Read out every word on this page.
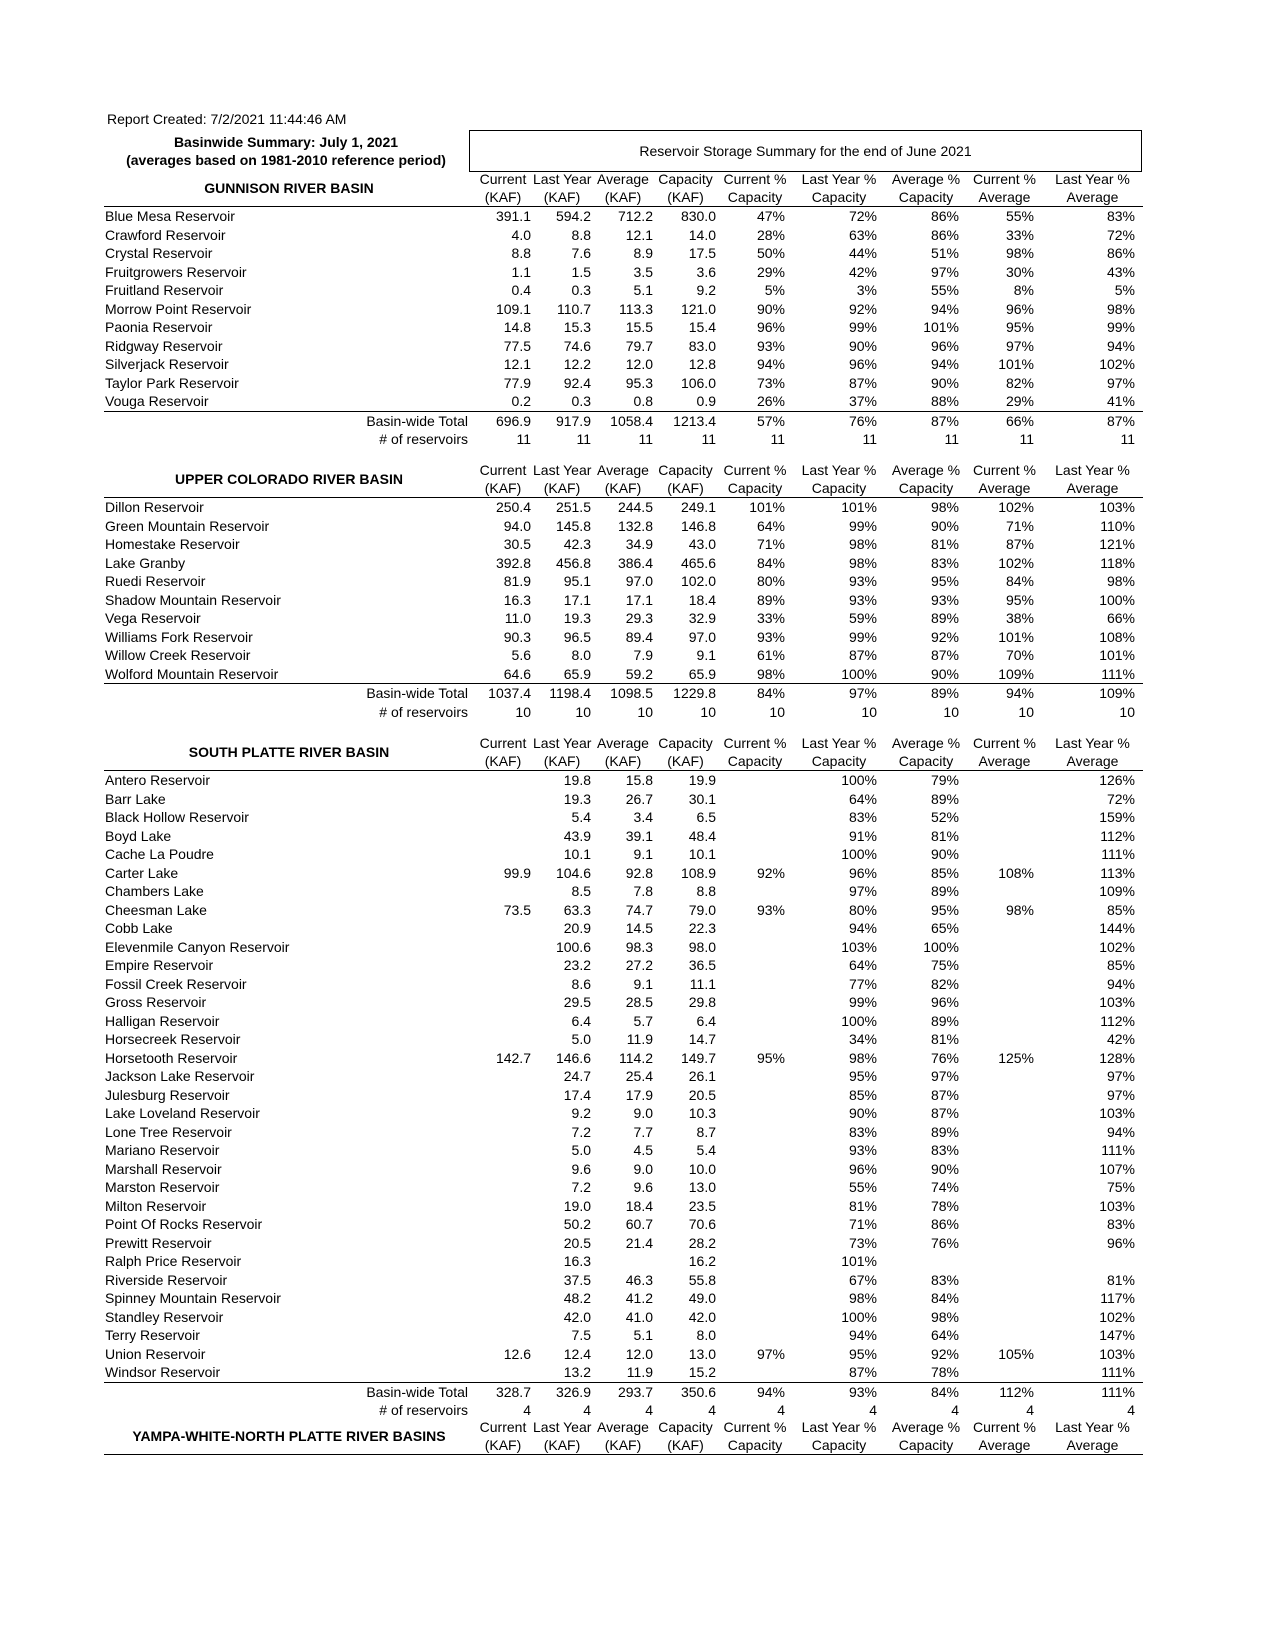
Report Created: 7/2/2021 11:44:46 AM
Basinwide Summary: July 1, 2021
(averages based on 1981-2010 reference period)
Reservoir Storage Summary for the end of June 2021
GUNNISON RIVER BASIN	Current	Last Year	Average	Capacity	Current %	Last Year %	Average %	Current %	Last Year %
	(KAF)	(KAF)	(KAF)	(KAF)	Capacity	Capacity	Capacity	Average	Average
Blue Mesa Reservoir	391.1	594.2	712.2	830.0	47%	72%	86%	55%	83%
Crawford Reservoir	4.0	8.8	12.1	14.0	28%	63%	86%	33%	72%
Crystal Reservoir	8.8	7.6	8.9	17.5	50%	44%	51%	98%	86%
Fruitgrowers Reservoir	1.1	1.5	3.5	3.6	29%	42%	97%	30%	43%
Fruitland Reservoir	0.4	0.3	5.1	9.2	5%	3%	55%	8%	5%
Morrow Point Reservoir	109.1	110.7	113.3	121.0	90%	92%	94%	96%	98%
Paonia Reservoir	14.8	15.3	15.5	15.4	96%	99%	101%	95%	99%
Ridgway Reservoir	77.5	74.6	79.7	83.0	93%	90%	96%	97%	94%
Silverjack Reservoir	12.1	12.2	12.0	12.8	94%	96%	94%	101%	102%
Taylor Park Reservoir	77.9	92.4	95.3	106.0	73%	87%	90%	82%	97%
Vouga Reservoir	0.2	0.3	0.8	0.9	26%	37%	88%	29%	41%
Basin-wide Total	696.9	917.9	1058.4	1213.4	57%	76%	87%	66%	87%
# of reservoirs	11	11	11	11	11	11	11	11	11
UPPER COLORADO RIVER BASIN	Current	Last Year	Average	Capacity	Current %	Last Year %	Average %	Current %	Last Year %
	(KAF)	(KAF)	(KAF)	(KAF)	Capacity	Capacity	Capacity	Average	Average
Dillon Reservoir	250.4	251.5	244.5	249.1	101%	101%	98%	102%	103%
Green Mountain Reservoir	94.0	145.8	132.8	146.8	64%	99%	90%	71%	110%
Homestake Reservoir	30.5	42.3	34.9	43.0	71%	98%	81%	87%	121%
Lake Granby	392.8	456.8	386.4	465.6	84%	98%	83%	102%	118%
Ruedi Reservoir	81.9	95.1	97.0	102.0	80%	93%	95%	84%	98%
Shadow Mountain Reservoir	16.3	17.1	17.1	18.4	89%	93%	93%	95%	100%
Vega Reservoir	11.0	19.3	29.3	32.9	33%	59%	89%	38%	66%
Williams Fork Reservoir	90.3	96.5	89.4	97.0	93%	99%	92%	101%	108%
Willow Creek Reservoir	5.6	8.0	7.9	9.1	61%	87%	87%	70%	101%
Wolford Mountain Reservoir	64.6	65.9	59.2	65.9	98%	100%	90%	109%	111%
Basin-wide Total	1037.4	1198.4	1098.5	1229.8	84%	97%	89%	94%	109%
# of reservoirs	10	10	10	10	10	10	10	10	10
SOUTH PLATTE RIVER BASIN	Current	Last Year	Average	Capacity	Current %	Last Year %	Average %	Current %	Last Year %
	(KAF)	(KAF)	(KAF)	(KAF)	Capacity	Capacity	Capacity	Average	Average
Antero Reservoir		19.8	15.8	19.9		100%	79%		126%
Barr Lake		19.3	26.7	30.1		64%	89%		72%
Black Hollow Reservoir		5.4	3.4	6.5		83%	52%		159%
Boyd Lake		43.9	39.1	48.4		91%	81%		112%
Cache La Poudre		10.1	9.1	10.1		100%	90%		111%
Carter Lake	99.9	104.6	92.8	108.9	92%	96%	85%	108%	113%
Chambers Lake		8.5	7.8	8.8		97%	89%		109%
Cheesman Lake	73.5	63.3	74.7	79.0	93%	80%	95%	98%	85%
Cobb Lake		20.9	14.5	22.3		94%	65%		144%
Elevenmile Canyon Reservoir		100.6	98.3	98.0		103%	100%		102%
Empire Reservoir		23.2	27.2	36.5		64%	75%		85%
Fossil Creek Reservoir		8.6	9.1	11.1		77%	82%		94%
Gross Reservoir		29.5	28.5	29.8		99%	96%		103%
Halligan Reservoir		6.4	5.7	6.4		100%	89%		112%
Horsecreek Reservoir		5.0	11.9	14.7		34%	81%		42%
Horsetooth Reservoir	142.7	146.6	114.2	149.7	95%	98%	76%	125%	128%
Jackson Lake Reservoir		24.7	25.4	26.1		95%	97%		97%
Julesburg Reservoir		17.4	17.9	20.5		85%	87%		97%
Lake Loveland Reservoir		9.2	9.0	10.3		90%	87%		103%
Lone Tree Reservoir		7.2	7.7	8.7		83%	89%		94%
Mariano Reservoir		5.0	4.5	5.4		93%	83%		111%
Marshall Reservoir		9.6	9.0	10.0		96%	90%		107%
Marston Reservoir		7.2	9.6	13.0		55%	74%		75%
Milton Reservoir		19.0	18.4	23.5		81%	78%		103%
Point Of Rocks Reservoir		50.2	60.7	70.6		71%	86%		83%
Prewitt Reservoir		20.5	21.4	28.2		73%	76%		96%
Ralph Price Reservoir		16.3		16.2		101%			
Riverside Reservoir		37.5	46.3	55.8		67%	83%		81%
Spinney Mountain Reservoir		48.2	41.2	49.0		98%	84%		117%
Standley Reservoir		42.0	41.0	42.0		100%	98%		102%
Terry Reservoir		7.5	5.1	8.0		94%	64%		147%
Union Reservoir	12.6	12.4	12.0	13.0	97%	95%	92%	105%	103%
Windsor Reservoir		13.2	11.9	15.2		87%	78%		111%
Basin-wide Total	328.7	326.9	293.7	350.6	94%	93%	84%	112%	111%
# of reservoirs	4	4	4	4	4	4	4	4	4
YAMPA-WHITE-NORTH PLATTE RIVER BASINS	Current	Last Year	Average	Capacity	Current %	Last Year %	Average %	Current %	Last Year %
	(KAF)	(KAF)	(KAF)	(KAF)	Capacity	Capacity	Capacity	Average	Average
